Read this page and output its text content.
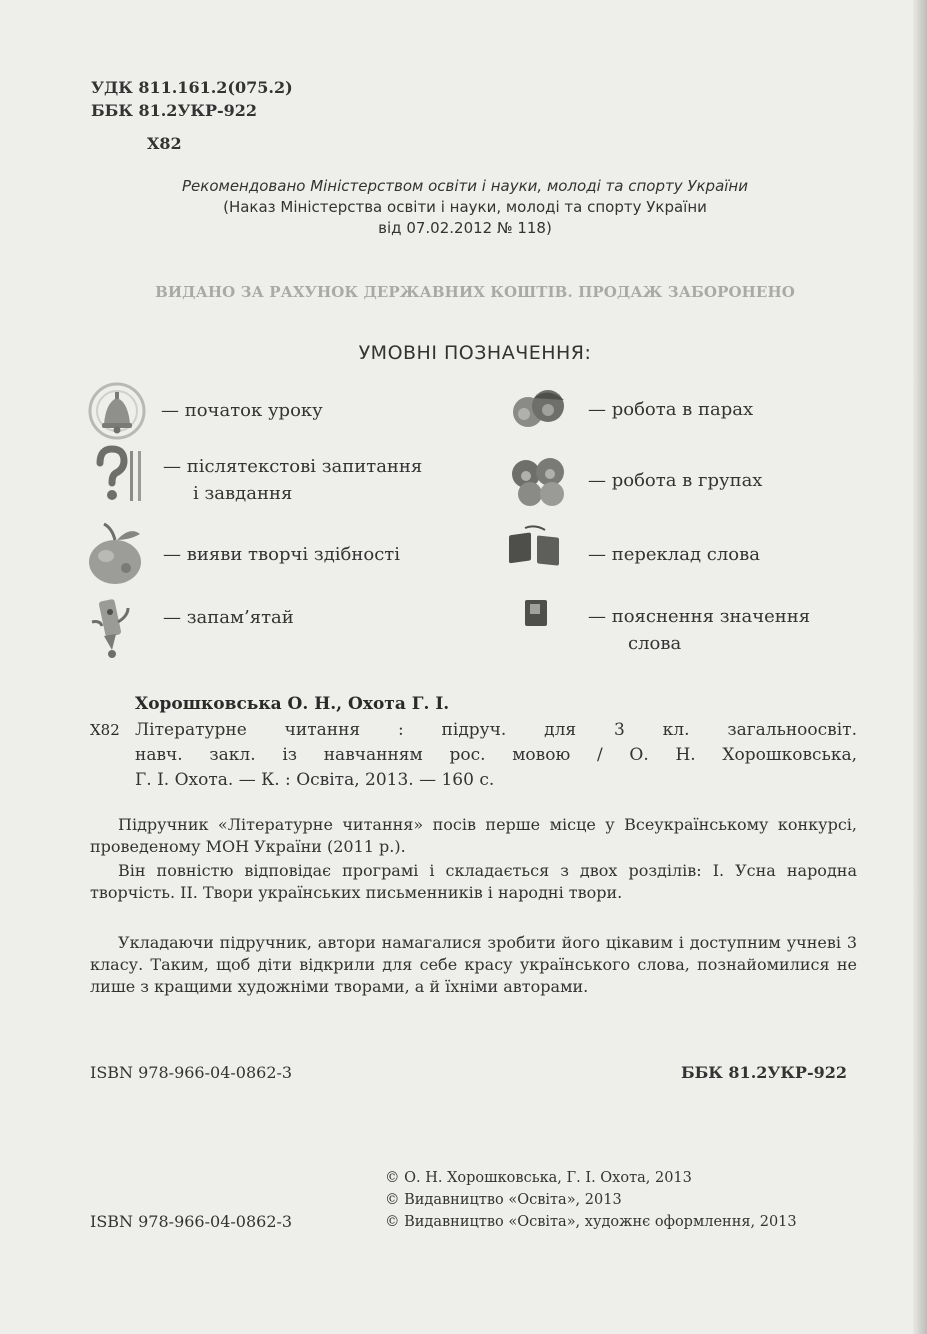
УДК 811.161.2(075.2)
ББК 81.2УКР-922
Х82
Рекомендовано Міністерством освіти і науки, молоді та спорту України
(Наказ Міністерства освіти і науки, молоді та спорту України
від 07.02.2012 № 118)
ВИДАНО ЗА РАХУНОК ДЕРЖАВНИХ КОШТІВ. ПРОДАЖ ЗАБОРОНЕНО
УМОВНІ ПОЗНАЧЕННЯ:
— початок уроку
— післятекстові запитання
і завдання
— вияви творчі здібності
— запам’ятай
— робота в парах
— робота в групах
— переклад слова
— пояснення значення
слова
Хорошковська О. Н., Охота Г. І.
Х82 Літературне читання : підруч. для 3 кл. загальноосвіт.
навч. закл. із навчанням рос. мовою / О. Н. Хорошковська,
Г. І. Охота. — К. : Освіта, 2013. — 160 с.
Підручник «Літературне читання» посів перше місце у Всеукраїнському конкурсі, проведеному МОН України (2011 р.).
Він повністю відповідає програмі і складається з двох розділів: І. Усна народна творчість. ІІ. Твори українських письменників і народні твори.
Укладаючи підручник, автори намагалися зробити його цікавим і доступним учневі 3 класу. Таким, щоб діти відкрили для себе красу українського слова, познайомилися не лише з кращими художніми творами, а й їхніми авторами.
ISBN 978-966-04-0862-3	ББК 81.2УКР-922
© О. Н. Хорошковська, Г. І. Охота, 2013
© Видавництво «Освіта», 2013
© Видавництво «Освіта», художнє оформлення, 2013
ISBN 978-966-04-0862-3
